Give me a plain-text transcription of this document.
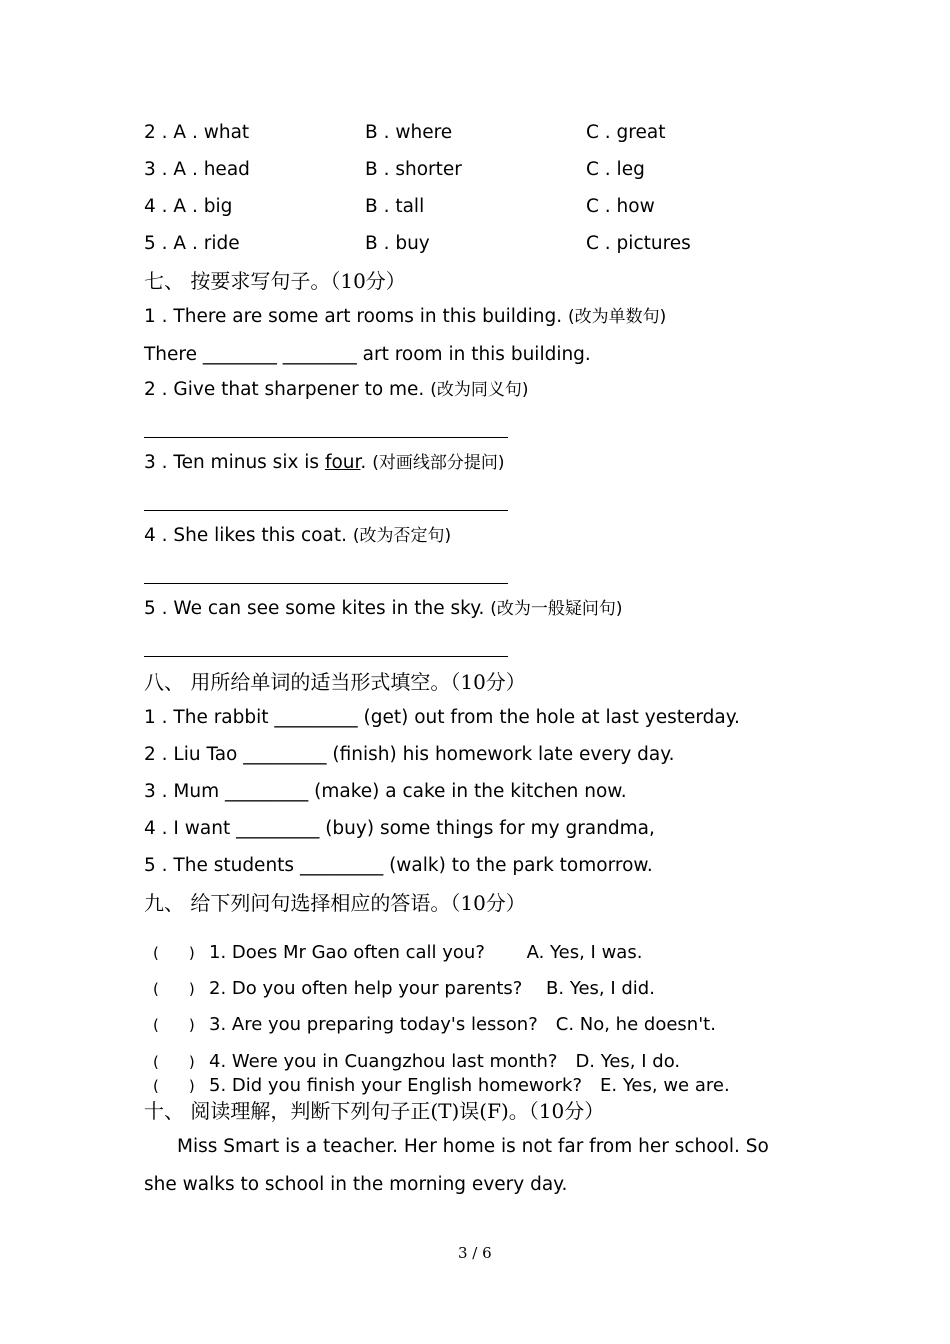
2 . A . what	B . where	C . great
3 . A . head	B . shorter	C . leg
4 . A . big	B . tall	C . how
5 . A . ride	B . buy	C . pictures
七、 按要求写句子。（10分）
1 . There are some art rooms in this building. (改为单数句)
There ________ ________ art room in this building.
2 . Give that sharpener to me. (改为同义句)
3 . Ten minus six is four. (对画线部分提问)
4 . She likes this coat. (改为否定句)
5 . We can see some kites in the sky. (改为一般疑问句)
八、 用所给单词的适当形式填空。（10分）
1 . The rabbit _________ (get) out from the hole at last yesterday.
2 . Liu Tao _________ (finish) his homework late every day.
3 . Mum _________ (make) a cake in the kitchen now.
4 . I want _________ (buy) some things for my grandma,
5 . The students _________ (walk) to the park tomorrow.
九、 给下列问句选择相应的答语。（10分）
(　　) 1. Does Mr Gao often call you?　　 A. Yes, I was.
(　　) 2. Do you often help your parents?　 B. Yes, I did.
(　　) 3. Are you preparing today's lesson?　C. No, he doesn't.
(　　) 4. Were you in Cuangzhou last month?　D. Yes, I do.
(　　) 5. Did you finish your English homework?　E. Yes, we are.
十、 阅读理解，判断下列句子正(T)误(F)。（10分）
Miss Smart is a teacher. Her home is not far from her school. So
she walks to school in the morning every day.
3 / 6
